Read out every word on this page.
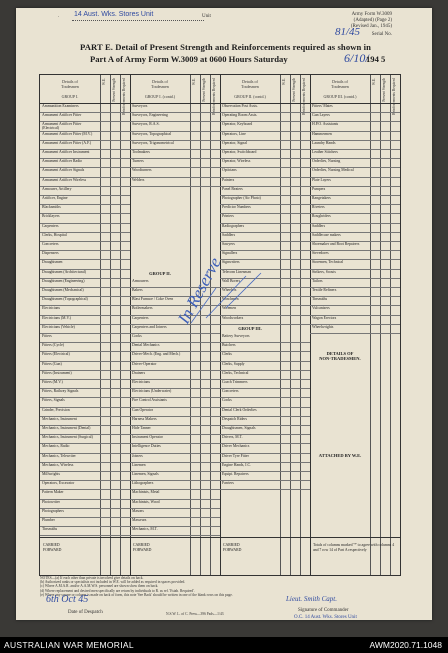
. 14 Aust. Wks. Stores Unit	Unit	Army Form W.3009
(Adapted) (Page 2)
(Revised Jan., 1945)
81/45 Serial No.
PART E. Detail of Present Strength and Reinforcements required as shown in
Part A of Army Form W.3009 at 0600 Hours Saturday	6/10/
194 5
Details of
Tradesmen

GROUP I.
W.E. Present Strength Reinforcements Required
Ammunition Examiners
Armament Artificer Fitter
Armament Artificer Fitter (Electrical)
Armament Artificer Fitter (M.V.)
Armament Artificer Fitter (A.F.)
Armament Artificer Instrument
Armament Artificer Radio
Armament Artificer Signals
Armament Artificer Wireless
Armourer, Artillery
Artificer, Engine
Blacksmiths
Bricklayers
Carpenters
Clerks, Hospital
Concreters
Dispensers
Draughtsmen
Draughtsmen (Architectural)
Draughtsmen (Engineering)
Draughtsmen (Mechanical)
Draughtsmen (Topographical)
Electricians
Electricians (M.V.)
Electricians (Vehicle)
Fitters
Fitters (Cycle)
Fitters (Electrical)
Fitters (Gun)
Fitters (Instrument)
Fitters (M.V.)
Fitters, Railway Signals
Fitters, Signals
Grinder, Precision
Mechanics, Instrument
Mechanics, Instrument (Dental)
Mechanics, Instrument (Surgical)
Mechanics, Radio
Mechanics, Telewriter
Mechanics, Wireless
Millwrights
Operators, Excavator
Pattern Maker
Photowriter
Photographers
Plumber
Tinsmiths
CARRIED
FORWARD
Details of
Tradesmen

GROUP I. (contd.)
W.E. Present Strength Reinforcements Required
Surveyors
Surveyors, Engineering
Surveyors, R.A.S.
Surveyors, Topographical
Surveyors, Trigonometrical
Toolmakers
Turners
Woodturners
Welders
GROUP II.
Armourers
Bakers
Blast Furnace / Coke Oven
Boilermakers
Carpenters
Carpenters and Joiners
Cooks
Dental Mechanics
Driver-Mech. (Eng. and Mech.)
Driver-Operator
Drainers
Electricians
Electricians (Underwater)
Fire Control Assistants
Gun Operator
Harness Makers
Hide Tanner
Instrument Operator
Intelligence Duties
Joiners
Linemen
Linemen, Signals
Lithographers
Machinists, Metal
Machinists, Wood
Masons
Masseurs
Mechanics, M.T.
CARRIED
FORWARD
Details of
Tradesmen

GROUP II. (contd.)
W.E. Present Strength Reinforcements Required
Observation Post Assts.
Operating Room Assts.
Operator, Keyboard
Operators, Line
Operator, Signal
Operator, Switchboard
Operator, Wireless
Opticians
Painters
Panel Beaters
Photographer (Air Photo)
Predictor Numbers
Printers
Radiographers
Saddlers
Sawyers
Signallers
Signwriters
Telecom Linesman
Wall Borers
Wheelers
Winchmen
Wiremen
Woodworkers
GROUP III.
Battery Surveyors
Butchers
Clerks
Clerks, Supply
Clerks, Technical
Coach Trimmers
Concreters
Cooks
Dental Clerk Orderlies
Despatch Riders
Draughtsmen, Signals
Drivers, M.T.
Driver Mechanics
Driver Tyre Fitter
Engine Hands, I.C.
Equipt. Repairers
Farriers
CARRIED
FORWARD
Details of
Tradesmen

GROUP III. (contd.)
W.E. Present Strength Reinforcements Required
Fitters' Mates
Gun Layers
H.P.O. Assistants
Hammermen
Laundry Hands
Leather Stitchers
Orderlies, Nursing
Orderlies, Nursing Medical
Plate Layers
Pumpers
Rangetakers
Riveters
Roughriders
Saddlers
Saddlecase makers
Shoemaker and Boot Repairers
Stevedores
Storemen, Technical
Strikers, Scouts
Tailors
Textile Refiners
Tinsmiths
Vulcanisers
Wagon Erectors
Wheelwrights
DETAILS OF
NON-TRADESMEN.
ATTACHED BY W.E.
Totals of columns marked '*' to agree with columns 4 and 7 row 14 of Part A respectively
In Reserve
NOTES—(a) If each other than private is involved give details on back.
(b) Authorized ranks or specialists not included in W.E. will be added as required in spaces provided.
(c) Where A.M.A.R. and/or A.A.M.W.S. personnel are shown show them on back.
(d) Where replacement and desired men specifically are return by individuals to R. as ref. 'Estab. Required'.
(e) Where any square or column is made on back of form, this note 'See Back' should be written in one of the blank rows on this page.
6th Oct 45
Date of Despatch	N.S.W. L. of C. Press—396 Pads—1/43
Lieut. Smith Capt.
Signature of Commander
O.C. 14 Aust. Wks. Stores Unit
AUSTRALIAN WAR MEMORIAL	AWM2020.71.1048
